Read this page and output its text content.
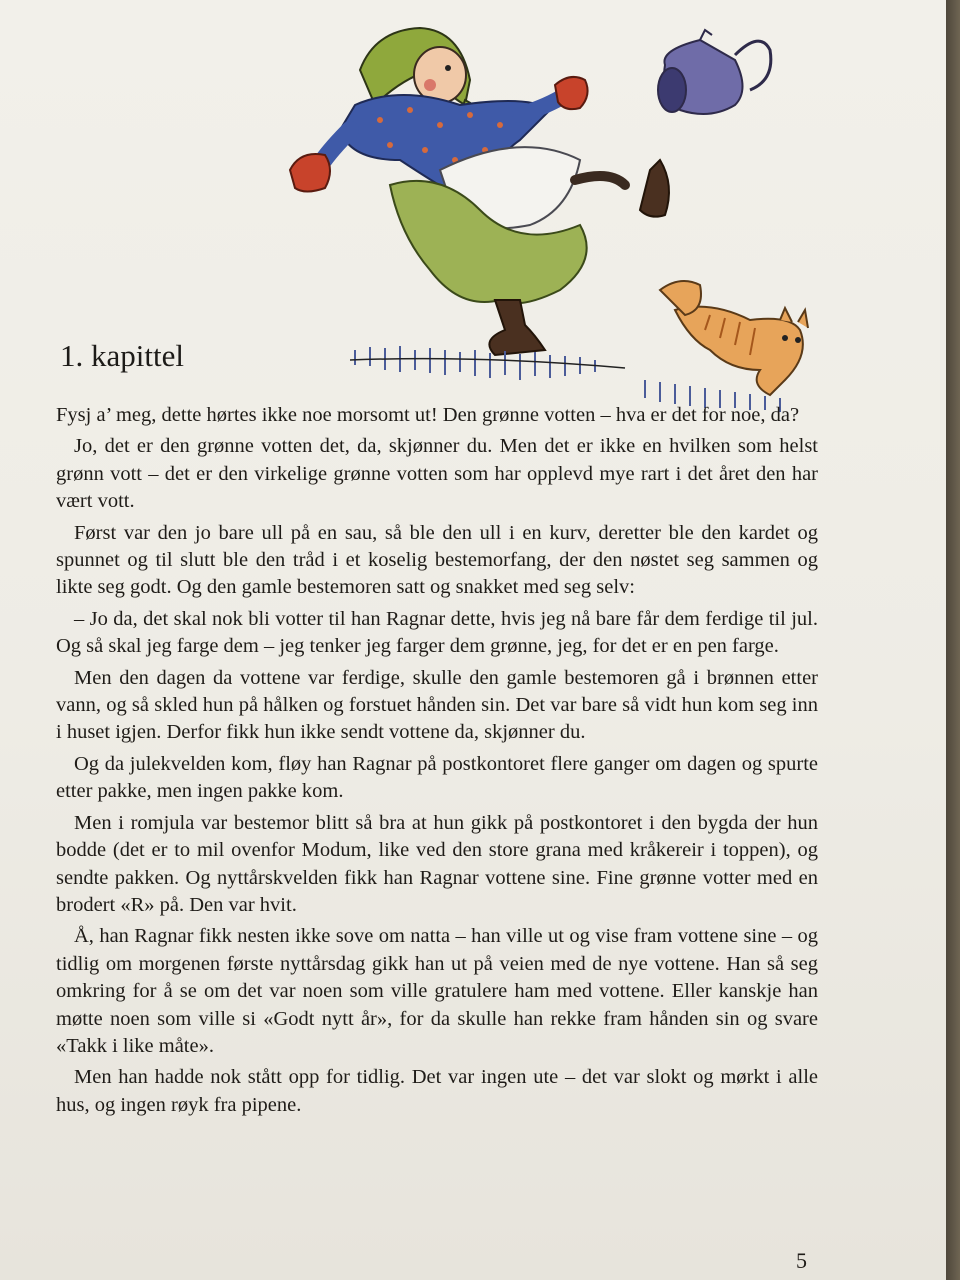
1. kapittel

Fysj a’ meg, dette hørtes ikke noe morsomt ut! Den grønne votten – hva er det for noe, da?

Jo, det er den grønne votten det, da, skjønner du. Men det er ikke en hvilken som helst grønn vott – det er den virkelige grønne votten som har opplevd mye rart i det året den har vært vott.

Først var den jo bare ull på en sau, så ble den ull i en kurv, deretter ble den kardet og spunnet og til slutt ble den tråd i et koselig bestemorfang, der den nøstet seg sammen og likte seg godt. Og den gamle bestemoren satt og snakket med seg selv:

– Jo da, det skal nok bli votter til han Ragnar dette, hvis jeg nå bare får dem ferdige til jul. Og så skal jeg farge dem – jeg tenker jeg farger dem grønne, jeg, for det er en pen farge.

Men den dagen da vottene var ferdige, skulle den gamle bestemoren gå i brønnen etter vann, og så skled hun på hålken og forstuet hånden sin. Det var bare så vidt hun kom seg inn i huset igjen. Derfor fikk hun ikke sendt vottene da, skjønner du.

Og da julekvelden kom, fløy han Ragnar på postkontoret flere ganger om dagen og spurte etter pakke, men ingen pakke kom.

Men i romjula var bestemor blitt så bra at hun gikk på postkontoret i den bygda der hun bodde (det er to mil ovenfor Modum, like ved den store grana med kråkereir i toppen), og sendte pakken. Og nyttårskvelden fikk han Ragnar vottene sine. Fine grønne votter med en brodert «R» på. Den var hvit.

Å, han Ragnar fikk nesten ikke sove om natta – han ville ut og vise fram vottene sine – og tidlig om morgenen første nyttårsdag gikk han ut på veien med de nye vottene. Han så seg omkring for å se om det var noen som ville gratulere ham med vottene. Eller kanskje han møtte noen som ville si «Godt nytt år», for da skulle han rekke fram hånden sin og svare «Takk i like måte».

Men han hadde nok stått opp for tidlig. Det var ingen ute – det var slokt og mørkt i alle hus, og ingen røyk fra pipene.

5
